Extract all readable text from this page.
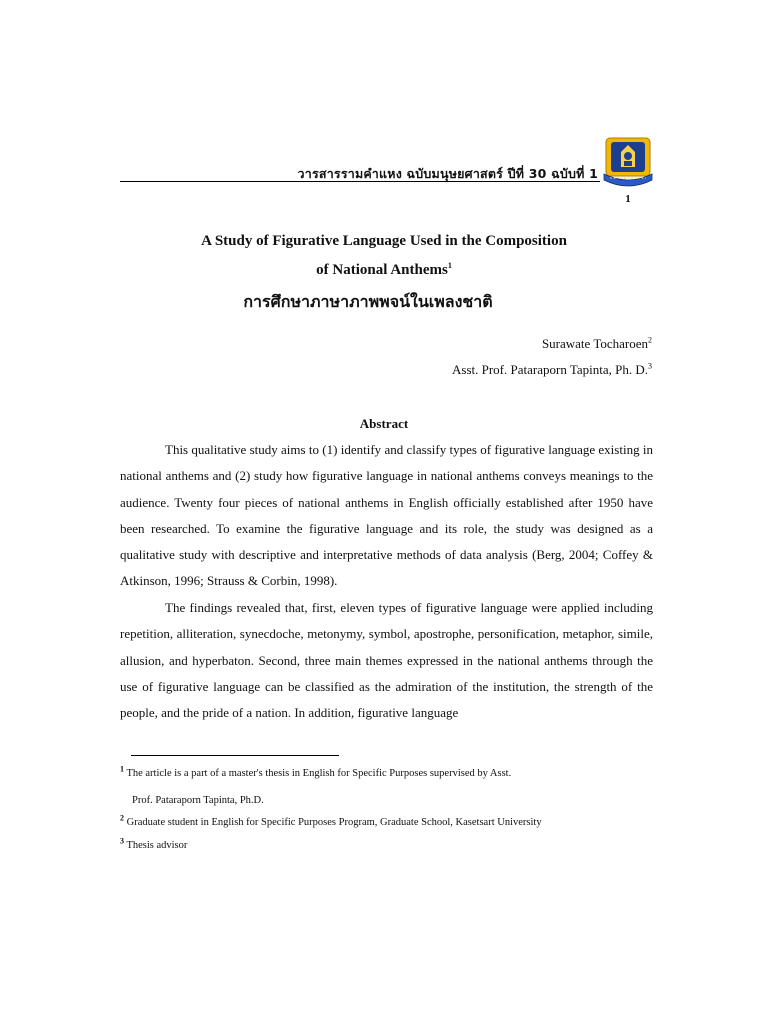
วารสารรามคำแหง ฉบับมนุษยศาสตร์ ปีที่ 30 ฉบับที่ 1
1
A Study of Figurative Language Used in the Composition
of National Anthems$^1$
การศึกษาภาษาภาพพจน์ในเพลงชาติ
Surawate Tocharoen$^2$
Asst. Prof. Pataraporn Tapinta, Ph. D.$^3$
Abstract
This qualitative study aims to (1) identify and classify types of figurative language existing in national anthems and (2) study how figurative language in national anthems conveys meanings to the audience. Twenty four pieces of national anthems in English officially established after 1950 have been researched. To examine the figurative language and its role, the study was designed as a qualitative study with descriptive and interpretative methods of data analysis (Berg, 2004; Coffey & Atkinson, 1996; Strauss & Corbin, 1998).
The findings revealed that, first, eleven types of figurative language were applied including repetition, alliteration, synecdoche, metonymy, symbol, apostrophe, personification, metaphor, simile, allusion, and hyperbaton. Second, three main themes expressed in the national anthems through the use of figurative language can be classified as the admiration of the institution, the strength of the people, and the pride of a nation. In addition, figurative language
$^1$ The article is a part of a master's thesis in English for Specific Purposes supervised by Asst.
Prof. Pataraporn Tapinta, Ph.D.
$^2$ Graduate student in English for Specific Purposes Program, Graduate School, Kasetsart University
$^3$ Thesis advisor
